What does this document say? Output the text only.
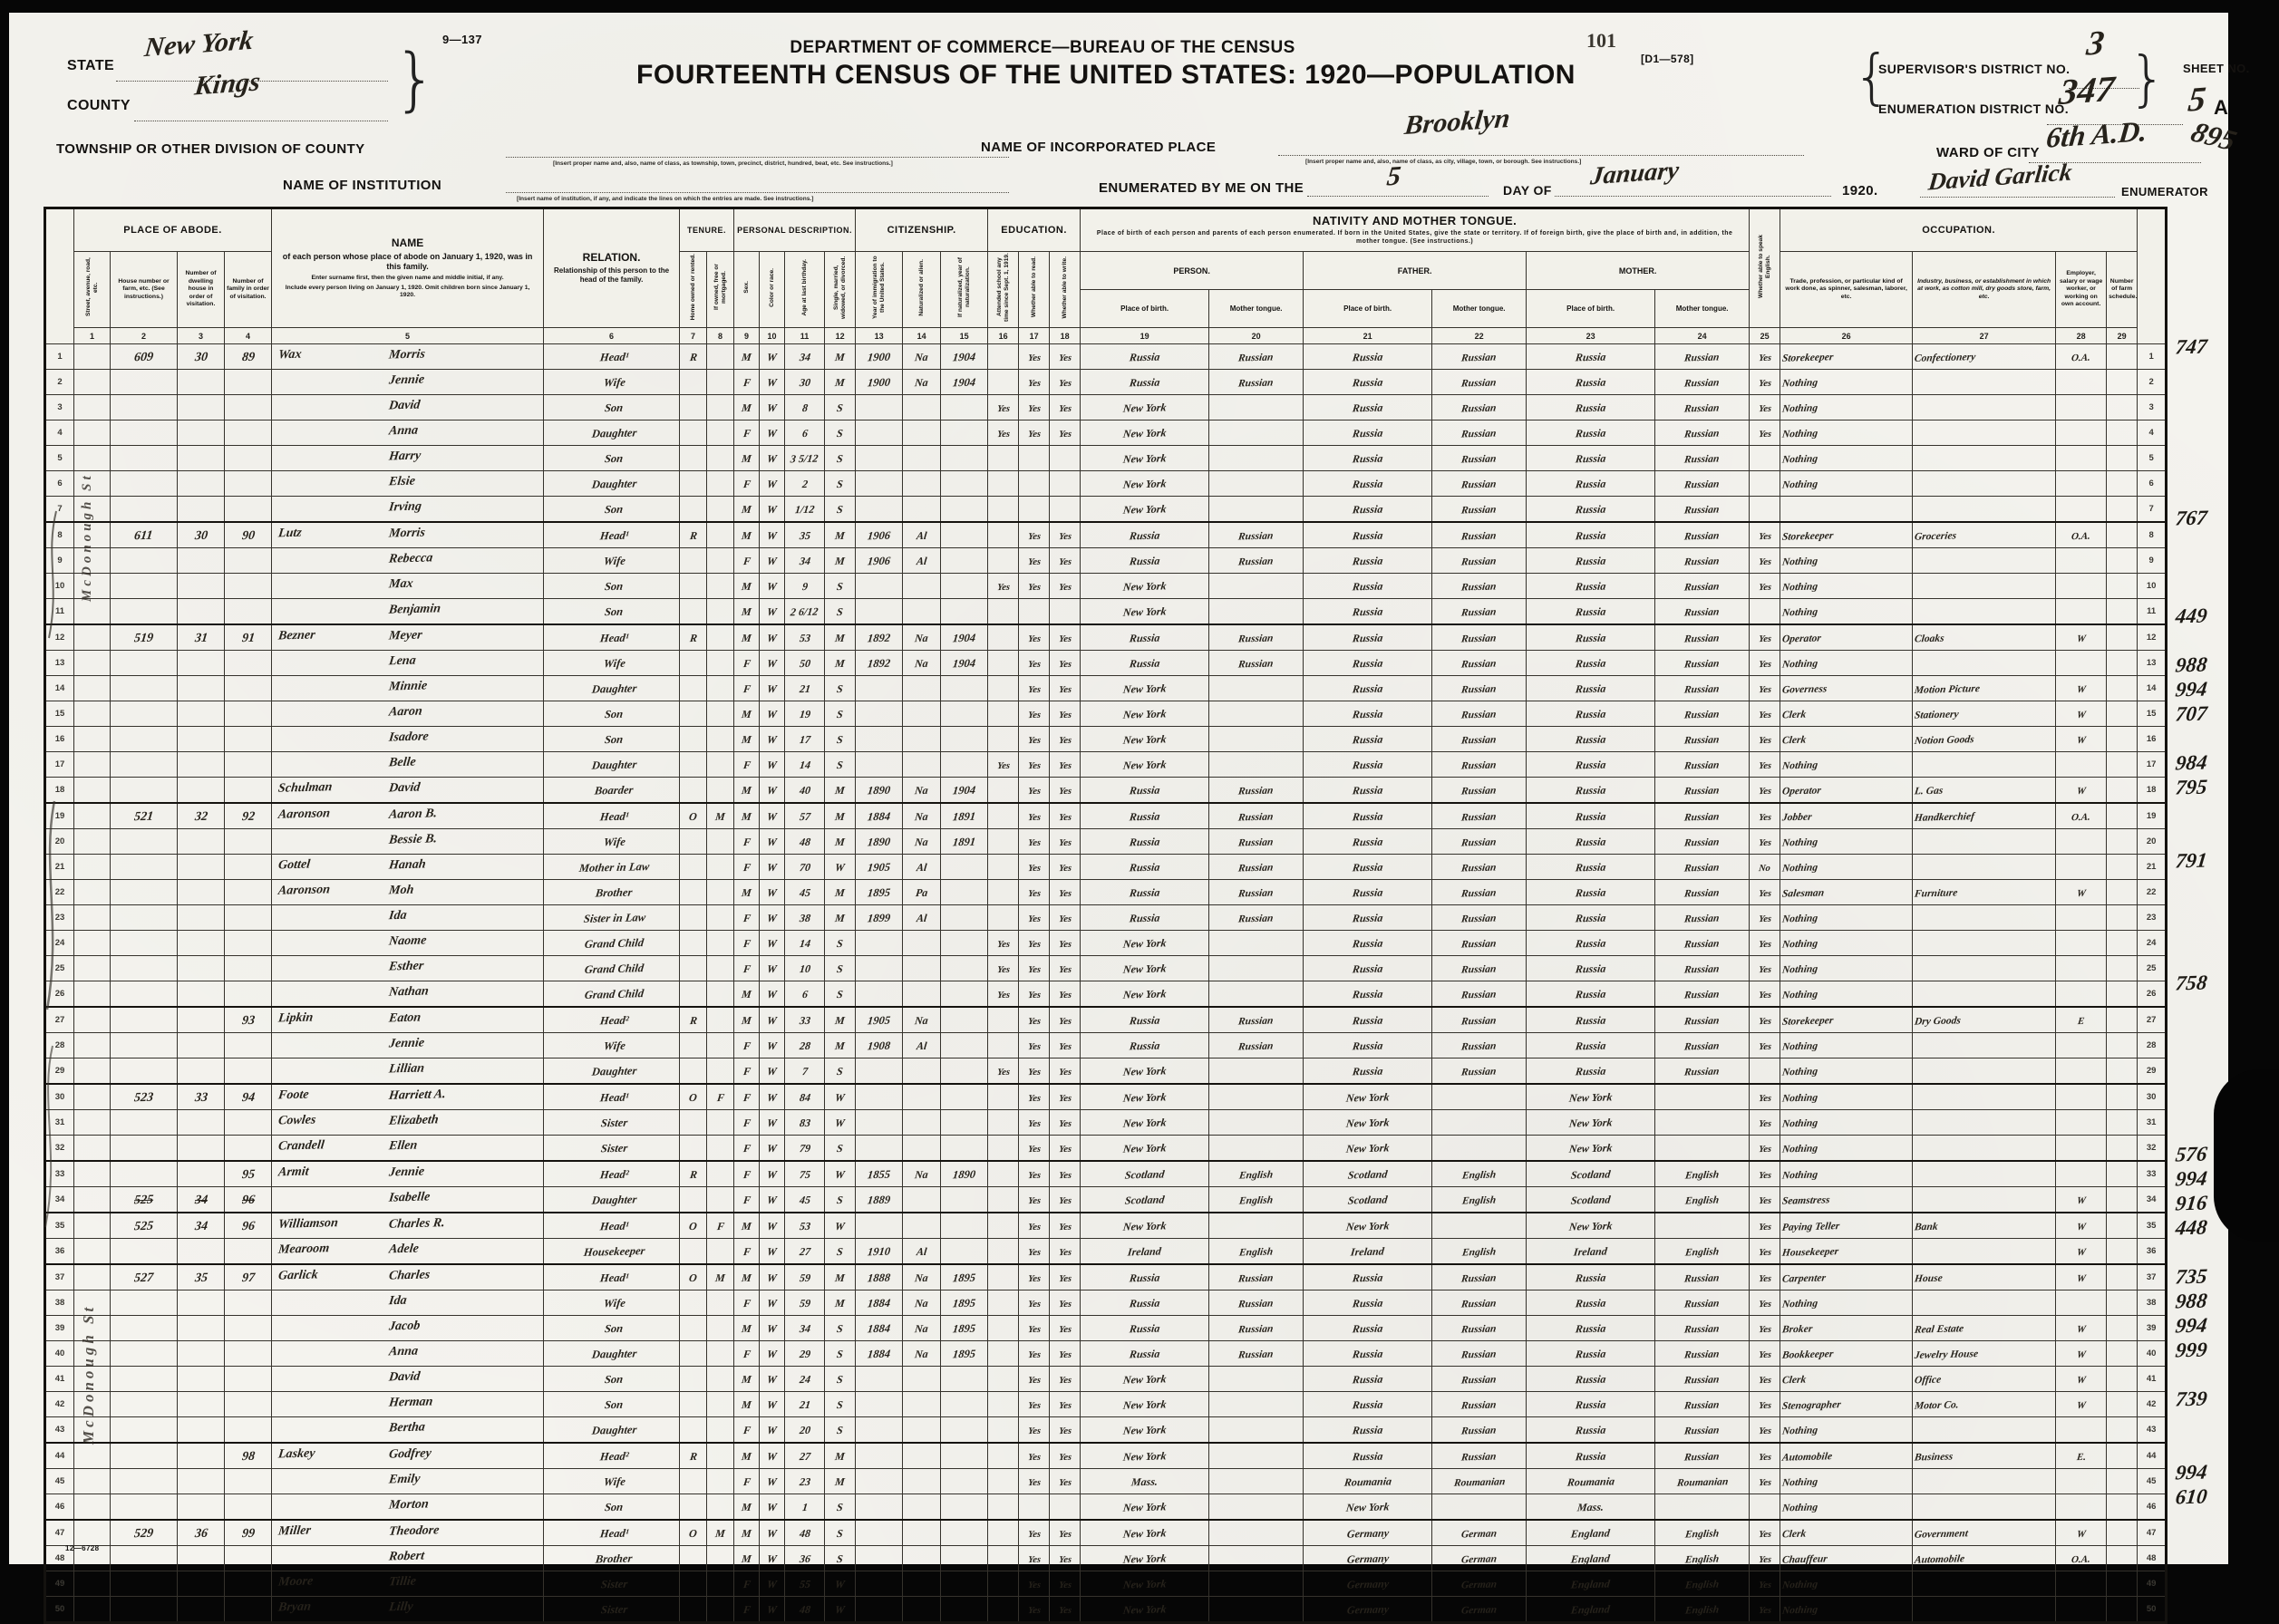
9—137
STATE
New York
COUNTY
Kings }
TOWNSHIP OR OTHER DIVISION OF COUNTY
[Insert proper name and, also, name of class, as township, town, precinct, district, hundred, beat, etc. See instructions.]
NAME OF INSTITUTION
[Insert name of institution, if any, and indicate the lines on which the entries are made. See instructions.]
DEPARTMENT OF COMMERCE—BUREAU OF THE CENSUS
FOURTEENTH CENSUS OF THE UNITED STATES: 1920—POPULATION
101
[D1—578]
NAME OF INCORPORATED PLACE
Brooklyn
[Insert proper name and, also, name of class, as city, village, town, or borough. See instructions.]
ENUMERATED BY ME ON THE	5	DAY OF January
1920.
{
SUPERVISOR'S DISTRICT NO.
3
ENUMERATION DISTRICT NO.
347 } SHEET NO.
5 A
895
WARD OF CITY 6th A.D.
David Garlick	ENUMERATOR
	PLACE OF ABODE.	
NAME
of each person whose place of abode on January 1, 1920, was in this family.
Enter surname first, then the given name and middle initial, if any.
Include every person living on January 1, 1920. Omit children born since January 1, 1920.

RELATION.
Relationship of this person to the head of the family.
	TENURE.	PERSONAL DESCRIPTION.	CITIZENSHIP.	EDUCATION.	
NATIVITY AND MOTHER TONGUE.
Place of birth of each person and parents of each person enumerated. If born in the United States, give the state or territory. If of foreign birth, give the place of birth and, in addition, the mother tongue. (See instructions.)	Whether able to speak English.	OCCUPATION.	
	Street, avenue, road, etc.	House number or farm, etc. (See instructions.)	Number of dwelling house in order of visitation.	Number of family in order of visitation.			Home owned or rented.	If owned, free or mortgaged.	Sex.	Color or race.	Age at last birthday.	Single, married, widowed, or divorced.	Year of immigration to the United States.	Naturalized or alien.	If naturalized, year of naturalization.	Attended school any time since Sept. 1, 1919.	Whether able to read.	Whether able to write.	PERSON.		FATHER.		MOTHER.			Trade, profession, or particular kind of work done, as spinner, salesman, laborer, etc.	Industry, business, or establishment in which at work, as cotton mill, dry goods store, farm, etc.	Employer, salary or wage worker, or working on own account.	Number of farm schedule.	

																			Place of birth.	Mother tongue.	Place of birth.	Mother tongue.	Place of birth.	Mother tongue.						
	1	2	3	4	5	6	7	8	9	10	11	12	13	14	15	16	17	18	19	20	21	22	23	24	25	26	27	28	29	

1		609	30	89	Wax Morris	Head¹	R		M	W	34	M	1900	Na	1904		Yes	Yes	Russia	Russian	Russia	Russian	Russia	Russian	Yes	Storekeeper	Confectionery	O.A.		1

2					Jennie	Wife			F	W	30	M	1900	Na	1904		Yes	Yes	Russia	Russian	Russia	Russian	Russia	Russian	Yes	Nothing				2

3					David	Son			M	W	8	S				Yes	Yes	Yes	New York		Russia	Russian	Russia	Russian	Yes	Nothing				3

4					Anna	Daughter			F	W	6	S				Yes	Yes	Yes	New York		Russia	Russian	Russia	Russian	Yes	Nothing				4

5					Harry	Son			M	W	3 5/12	S							New York		Russia	Russian	Russia	Russian		Nothing				5

6					Elsie	Daughter			F	W	2	S							New York		Russia	Russian	Russia	Russian		Nothing				6

7					Irving	Son			M	W	1/12	S							New York		Russia	Russian	Russia	Russian						7

8		611	30	90	Lutz Morris	Head¹	R		M	W	35	M	1906	Al			Yes	Yes	Russia	Russian	Russia	Russian	Russia	Russian	Yes	Storekeeper	Groceries	O.A.		8

9					Rebecca	Wife			F	W	34	M	1906	Al			Yes	Yes	Russia	Russian	Russia	Russian	Russia	Russian	Yes	Nothing				9

10					Max	Son			M	W	9	S				Yes	Yes	Yes	New York		Russia	Russian	Russia	Russian	Yes	Nothing				10

11					Benjamin	Son			M	W	2 6/12	S							New York		Russia	Russian	Russia	Russian		Nothing				11

12		519	31	91	Bezner Meyer	Head¹	R		M	W	53	M	1892	Na	1904		Yes	Yes	Russia	Russian	Russia	Russian	Russia	Russian	Yes	Operator	Cloaks	W		12

13					Lena	Wife			F	W	50	M	1892	Na	1904		Yes	Yes	Russia	Russian	Russia	Russian	Russia	Russian	Yes	Nothing				13

14					Minnie	Daughter			F	W	21	S					Yes	Yes	New York		Russia	Russian	Russia	Russian	Yes	Governess	Motion Picture	W		14

15					Aaron	Son			M	W	19	S					Yes	Yes	New York		Russia	Russian	Russia	Russian	Yes	Clerk	Stationery	W		15

16					Isadore	Son			M	W	17	S					Yes	Yes	New York		Russia	Russian	Russia	Russian	Yes	Clerk	Notion Goods	W		16

17					Belle	Daughter			F	W	14	S				Yes	Yes	Yes	New York		Russia	Russian	Russia	Russian	Yes	Nothing				17

18					Schulman David	Boarder			M	W	40	M	1890	Na	1904		Yes	Yes	Russia	Russian	Russia	Russian	Russia	Russian	Yes	Operator	L. Gas	W		18

19		521	32	92	Aaronson Aaron B.	Head¹	O	M	M	W	57	M	1884	Na	1891		Yes	Yes	Russia	Russian	Russia	Russian	Russia	Russian	Yes	Jobber	Handkerchief	O.A.		19

20					Bessie B.	Wife			F	W	48	M	1890	Na	1891		Yes	Yes	Russia	Russian	Russia	Russian	Russia	Russian	Yes	Nothing				20

21					Gottel Hanah	Mother in Law			F	W	70	W	1905	Al			Yes	Yes	Russia	Russian	Russia	Russian	Russia	Russian	No	Nothing				21

22					Aaronson Moh	Brother			M	W	45	M	1895	Pa			Yes	Yes	Russia	Russian	Russia	Russian	Russia	Russian	Yes	Salesman	Furniture	W		22

23					Ida	Sister in Law			F	W	38	M	1899	Al			Yes	Yes	Russia	Russian	Russia	Russian	Russia	Russian	Yes	Nothing				23

24					Naome	Grand Child			F	W	14	S				Yes	Yes	Yes	New York		Russia	Russian	Russia	Russian	Yes	Nothing				24

25					Esther	Grand Child			F	W	10	S				Yes	Yes	Yes	New York		Russia	Russian	Russia	Russian	Yes	Nothing				25

26					Nathan	Grand Child			M	W	6	S				Yes	Yes	Yes	New York		Russia	Russian	Russia	Russian	Yes	Nothing				26

27				93	Lipkin Eaton	Head²	R		M	W	33	M	1905	Na			Yes	Yes	Russia	Russian	Russia	Russian	Russia	Russian	Yes	Storekeeper	Dry Goods	E		27

28					Jennie	Wife			F	W	28	M	1908	Al			Yes	Yes	Russia	Russian	Russia	Russian	Russia	Russian	Yes	Nothing				28

29					Lillian	Daughter			F	W	7	S				Yes	Yes	Yes	New York		Russia	Russian	Russia	Russian		Nothing				29

30		523	33	94	Foote Harriett A.	Head¹	O	F	F	W	84	W					Yes	Yes	New York		New York		New York		Yes	Nothing				30

31					Cowles Elizabeth	Sister			F	W	83	W					Yes	Yes	New York		New York		New York		Yes	Nothing				31

32					Crandell Ellen	Sister			F	W	79	S					Yes	Yes	New York		New York		New York		Yes	Nothing				32

33				95	Armit Jennie	Head²	R		F	W	75	W	1855	Na	1890		Yes	Yes	Scotland	English	Scotland	English	Scotland	English	Yes	Nothing				33

34		525	34	96	Isabelle	Daughter			F	W	45	S	1889				Yes	Yes	Scotland	English	Scotland	English	Scotland	English	Yes	Seamstress		W		34

35		525	34	96	Williamson Charles R.	Head¹	O	F	M	W	53	W					Yes	Yes	New York		New York		New York		Yes	Paying Teller	Bank	W		35

36					Mearoom Adele	Housekeeper			F	W	27	S	1910	Al			Yes	Yes	Ireland	English	Ireland	English	Ireland	English	Yes	Housekeeper		W		36

37		527	35	97	Garlick Charles	Head¹	O	M	M	W	59	M	1888	Na	1895		Yes	Yes	Russia	Russian	Russia	Russian	Russia	Russian	Yes	Carpenter	House	W		37

38					Ida	Wife			F	W	59	M	1884	Na	1895		Yes	Yes	Russia	Russian	Russia	Russian	Russia	Russian	Yes	Nothing				38

39					Jacob	Son			M	W	34	S	1884	Na	1895		Yes	Yes	Russia	Russian	Russia	Russian	Russia	Russian	Yes	Broker	Real Estate	W		39

40					Anna	Daughter			F	W	29	S	1884	Na	1895		Yes	Yes	Russia	Russian	Russia	Russian	Russia	Russian	Yes	Bookkeeper	Jewelry House	W		40

41					David	Son			M	W	24	S					Yes	Yes	New York		Russia	Russian	Russia	Russian	Yes	Clerk	Office	W		41

42					Herman	Son			M	W	21	S					Yes	Yes	New York		Russia	Russian	Russia	Russian	Yes	Stenographer	Motor Co.	W		42

43					Bertha	Daughter			F	W	20	S					Yes	Yes	New York		Russia	Russian	Russia	Russian	Yes	Nothing				43

44				98	Laskey Godfrey	Head²	R		M	W	27	M					Yes	Yes	New York		Russia	Russian	Russia	Russian	Yes	Automobile	Business	E.		44

45					Emily	Wife			F	W	23	M					Yes	Yes	Mass.		Roumania	Roumanian	Roumania	Roumanian	Yes	Nothing				45

46					Morton	Son			M	W	1	S							New York		New York		Mass.			Nothing				46

47		529	36	99	Miller Theodore	Head¹	O	M	M	W	48	S					Yes	Yes	New York		Germany	German	England	English	Yes	Clerk	Government	W		47

48					Robert	Brother			M	W	36	S					Yes	Yes	New York		Germany	German	England	English	Yes	Chauffeur	Automobile	O.A.		48

49					Moore Tillie	Sister			F	W	55	W					Yes	Yes	New York		Germany	German	England	English	Yes	Nothing				49

50					Bryan Lilly	Sister			F	W	48	W					Yes	Yes	New York		Germany	German	England	English	Yes	Nothing				50
747
767
449
988
994
707
984
795
791
758
576
994
916
448
735
988
994
999
739
994
610
McDonough St
McDonough St
12—6728
